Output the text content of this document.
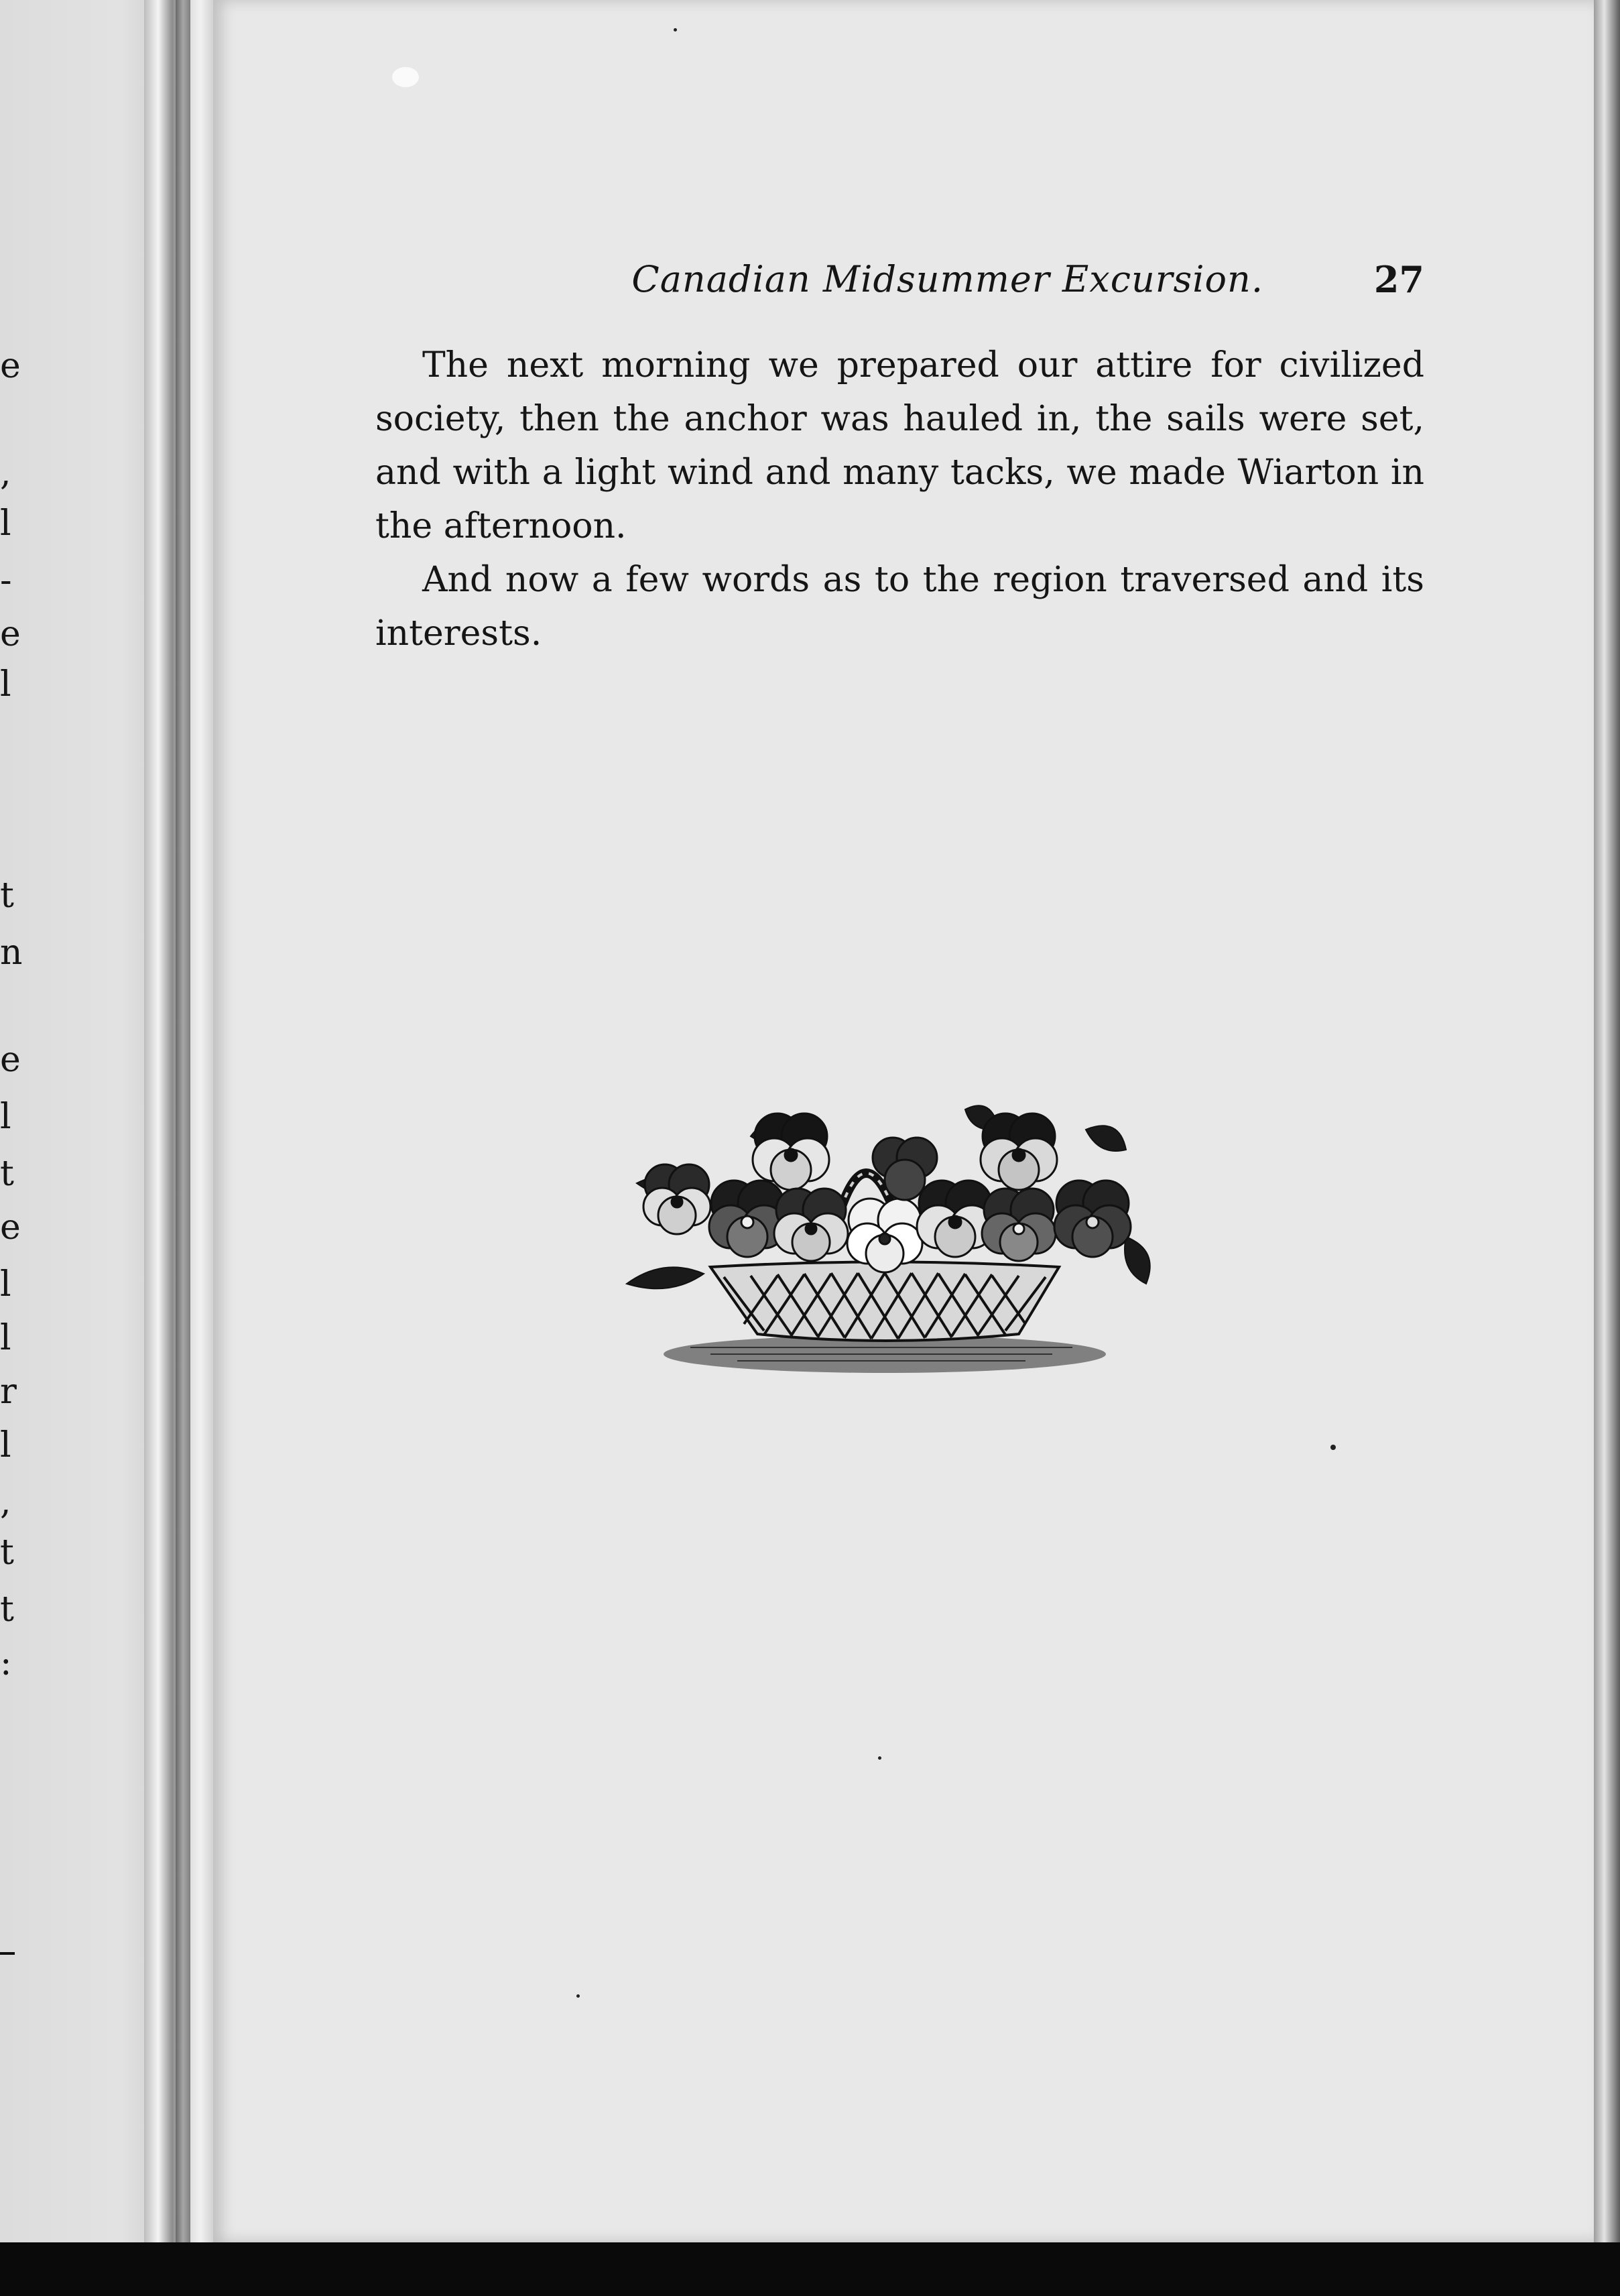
e
,
l
-
e
l
t
n
e
l
t
e
l
l
r
l
,
t
t
:
Canadian Midsummer Excursion.	27

The next morning we prepared our attire for civilized society, then the anchor was hauled in, the sails were set, and with a light wind and many tacks, we made Wiarton in the afternoon.

And now a few words as to the region traversed and its interests.
